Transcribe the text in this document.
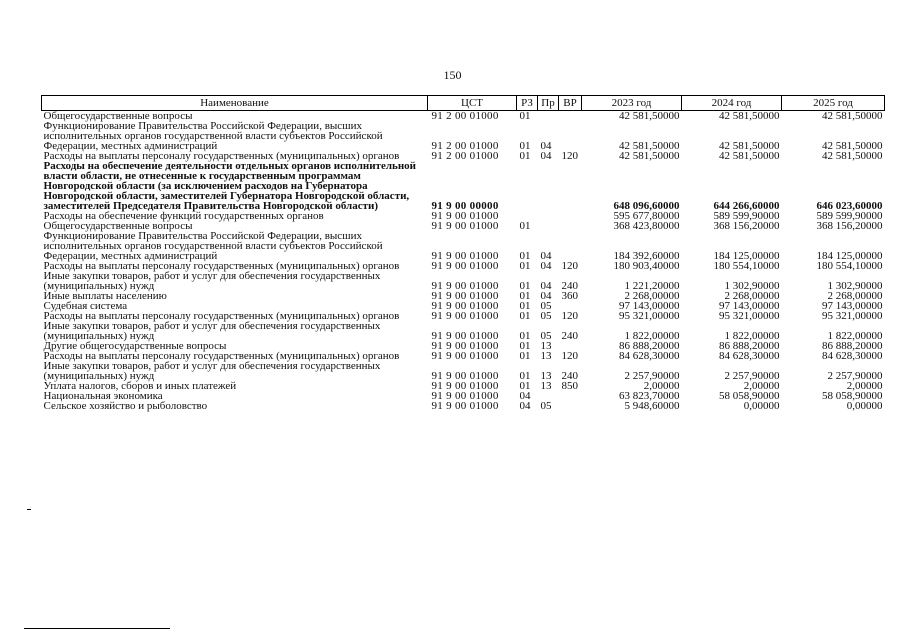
150
Наименование	ЦСТ	РЗ	Пр	ВР	2023 год	2024 год	2025 год
Общегосударственные вопросы	91 2 00 01000	01			42 581,50000	42 581,50000	42 581,50000
Функционирование Правительства Российской Федерации, высших исполнительных органов государственной власти субъектов Российской Федерации, местных администраций	91 2 00 01000	01	04		42 581,50000	42 581,50000	42 581,50000
Расходы на выплаты персоналу государственных (муниципальных) органов	91 2 00 01000	01	04	120	42 581,50000	42 581,50000	42 581,50000
Расходы на обеспечение деятельности отдельных органов исполнительной власти области, не отнесенные к государственным программам Новгородской области (за исключением расходов на Губернатора Новгородской области, заместителей Губернатора Новгородской области, заместителей Председателя Правительства Новгородской области)	91 9 00 00000				648 096,60000	644 266,60000	646 023,60000
Расходы на обеспечение функций государственных органов	91 9 00 01000				595 677,80000	589 599,90000	589 599,90000
Общегосударственные вопросы	91 9 00 01000	01			368 423,80000	368 156,20000	368 156,20000
Функционирование Правительства Российской Федерации, высших исполнительных органов государственной власти субъектов Российской Федерации, местных администраций	91 9 00 01000	01	04		184 392,60000	184 125,00000	184 125,00000
Расходы на выплаты персоналу государственных (муниципальных) органов	91 9 00 01000	01	04	120	180 903,40000	180 554,10000	180 554,10000
Иные закупки товаров, работ и услуг для обеспечения государственных (муниципальных) нужд	91 9 00 01000	01	04	240	1 221,20000	1 302,90000	1 302,90000
Иные выплаты населению	91 9 00 01000	01	04	360	2 268,00000	2 268,00000	2 268,00000
Судебная система	91 9 00 01000	01	05		97 143,00000	97 143,00000	97 143,00000
Расходы на выплаты персоналу государственных (муниципальных) органов	91 9 00 01000	01	05	120	95 321,00000	95 321,00000	95 321,00000
Иные закупки товаров, работ и услуг для обеспечения государственных (муниципальных) нужд	91 9 00 01000	01	05	240	1 822,00000	1 822,00000	1 822,00000
Другие общегосударственные вопросы	91 9 00 01000	01	13		86 888,20000	86 888,20000	86 888,20000
Расходы на выплаты персоналу государственных (муниципальных) органов	91 9 00 01000	01	13	120	84 628,30000	84 628,30000	84 628,30000
Иные закупки товаров, работ и услуг для обеспечения государственных (муниципальных) нужд	91 9 00 01000	01	13	240	2 257,90000	2 257,90000	2 257,90000
Уплата налогов, сборов и иных платежей	91 9 00 01000	01	13	850	2,00000	2,00000	2,00000
Национальная экономика	91 9 00 01000	04			63 823,70000	58 058,90000	58 058,90000
Сельское хозяйство и рыболовство	91 9 00 01000	04	05		5 948,60000	0,00000	0,00000
